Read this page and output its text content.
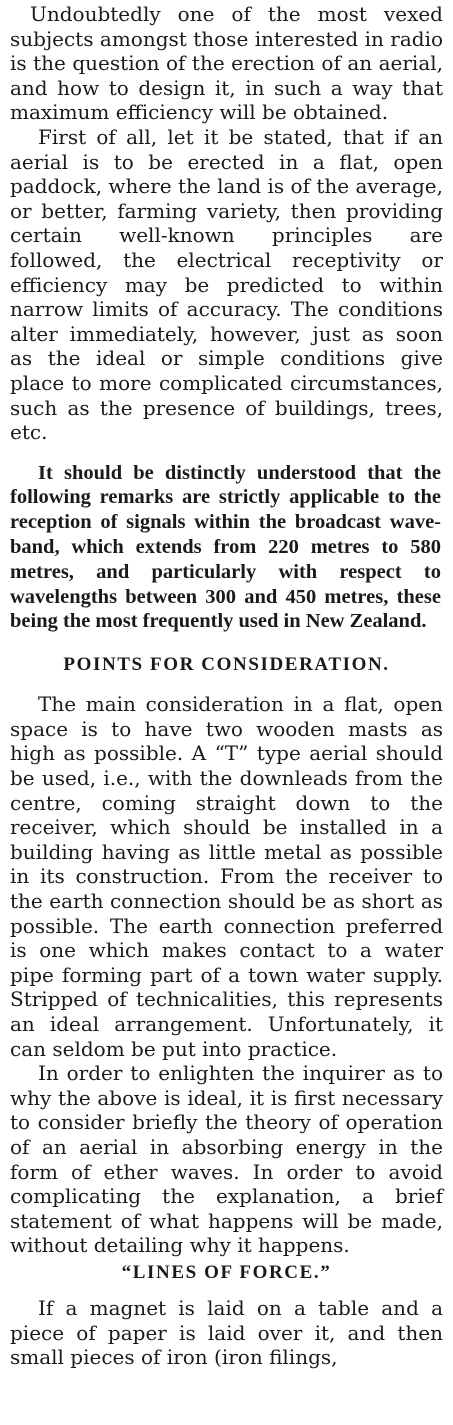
Undoubtedly one of the most vexed subjects amongst those interested in radio is the question of the erection of an aerial, and how to design it, in such a way that maximum efficiency will be obtained.

First of all, let it be stated, that if an aerial is to be erected in a flat, open paddock, where the land is of the average, or better, farming variety, then providing certain well-known principles are followed, the electrical receptivity or efficiency may be predicted to within narrow limits of accuracy. The conditions alter immediately, however, just as soon as the ideal or simple conditions give place to more complicated circumstances, such as the presence of buildings, trees, etc.

It should be distinctly understood that the following remarks are strictly applicable to the reception of signals within the broadcast wave-band, which extends from 220 metres to 580 metres, and particularly with respect to wavelengths between 300 and 450 metres, these being the most frequently used in New Zealand.

POINTS FOR CONSIDERATION.

The main consideration in a flat, open space is to have two wooden masts as high as possible. A “T” type aerial should be used, i.e., with the downleads from the centre, coming straight down to the receiver, which should be installed in a building having as little metal as possible in its construction. From the receiver to the earth connection should be as short as possible. The earth connection preferred is one which makes contact to a water pipe forming part of a town water supply. Stripped of technicalities, this represents an ideal arrangement. Unfortunately, it can seldom be put into practice.

In order to enlighten the inquirer as to why the above is ideal, it is first necessary to consider briefly the theory of operation of an aerial in absorbing energy in the form of ether waves. In order to avoid complicating the explanation, a brief statement of what happens will be made, without detailing why it happens.

“LINES OF FORCE.”

If a magnet is laid on a table and a piece of paper is laid over it, and then small pieces of iron (iron filings,
